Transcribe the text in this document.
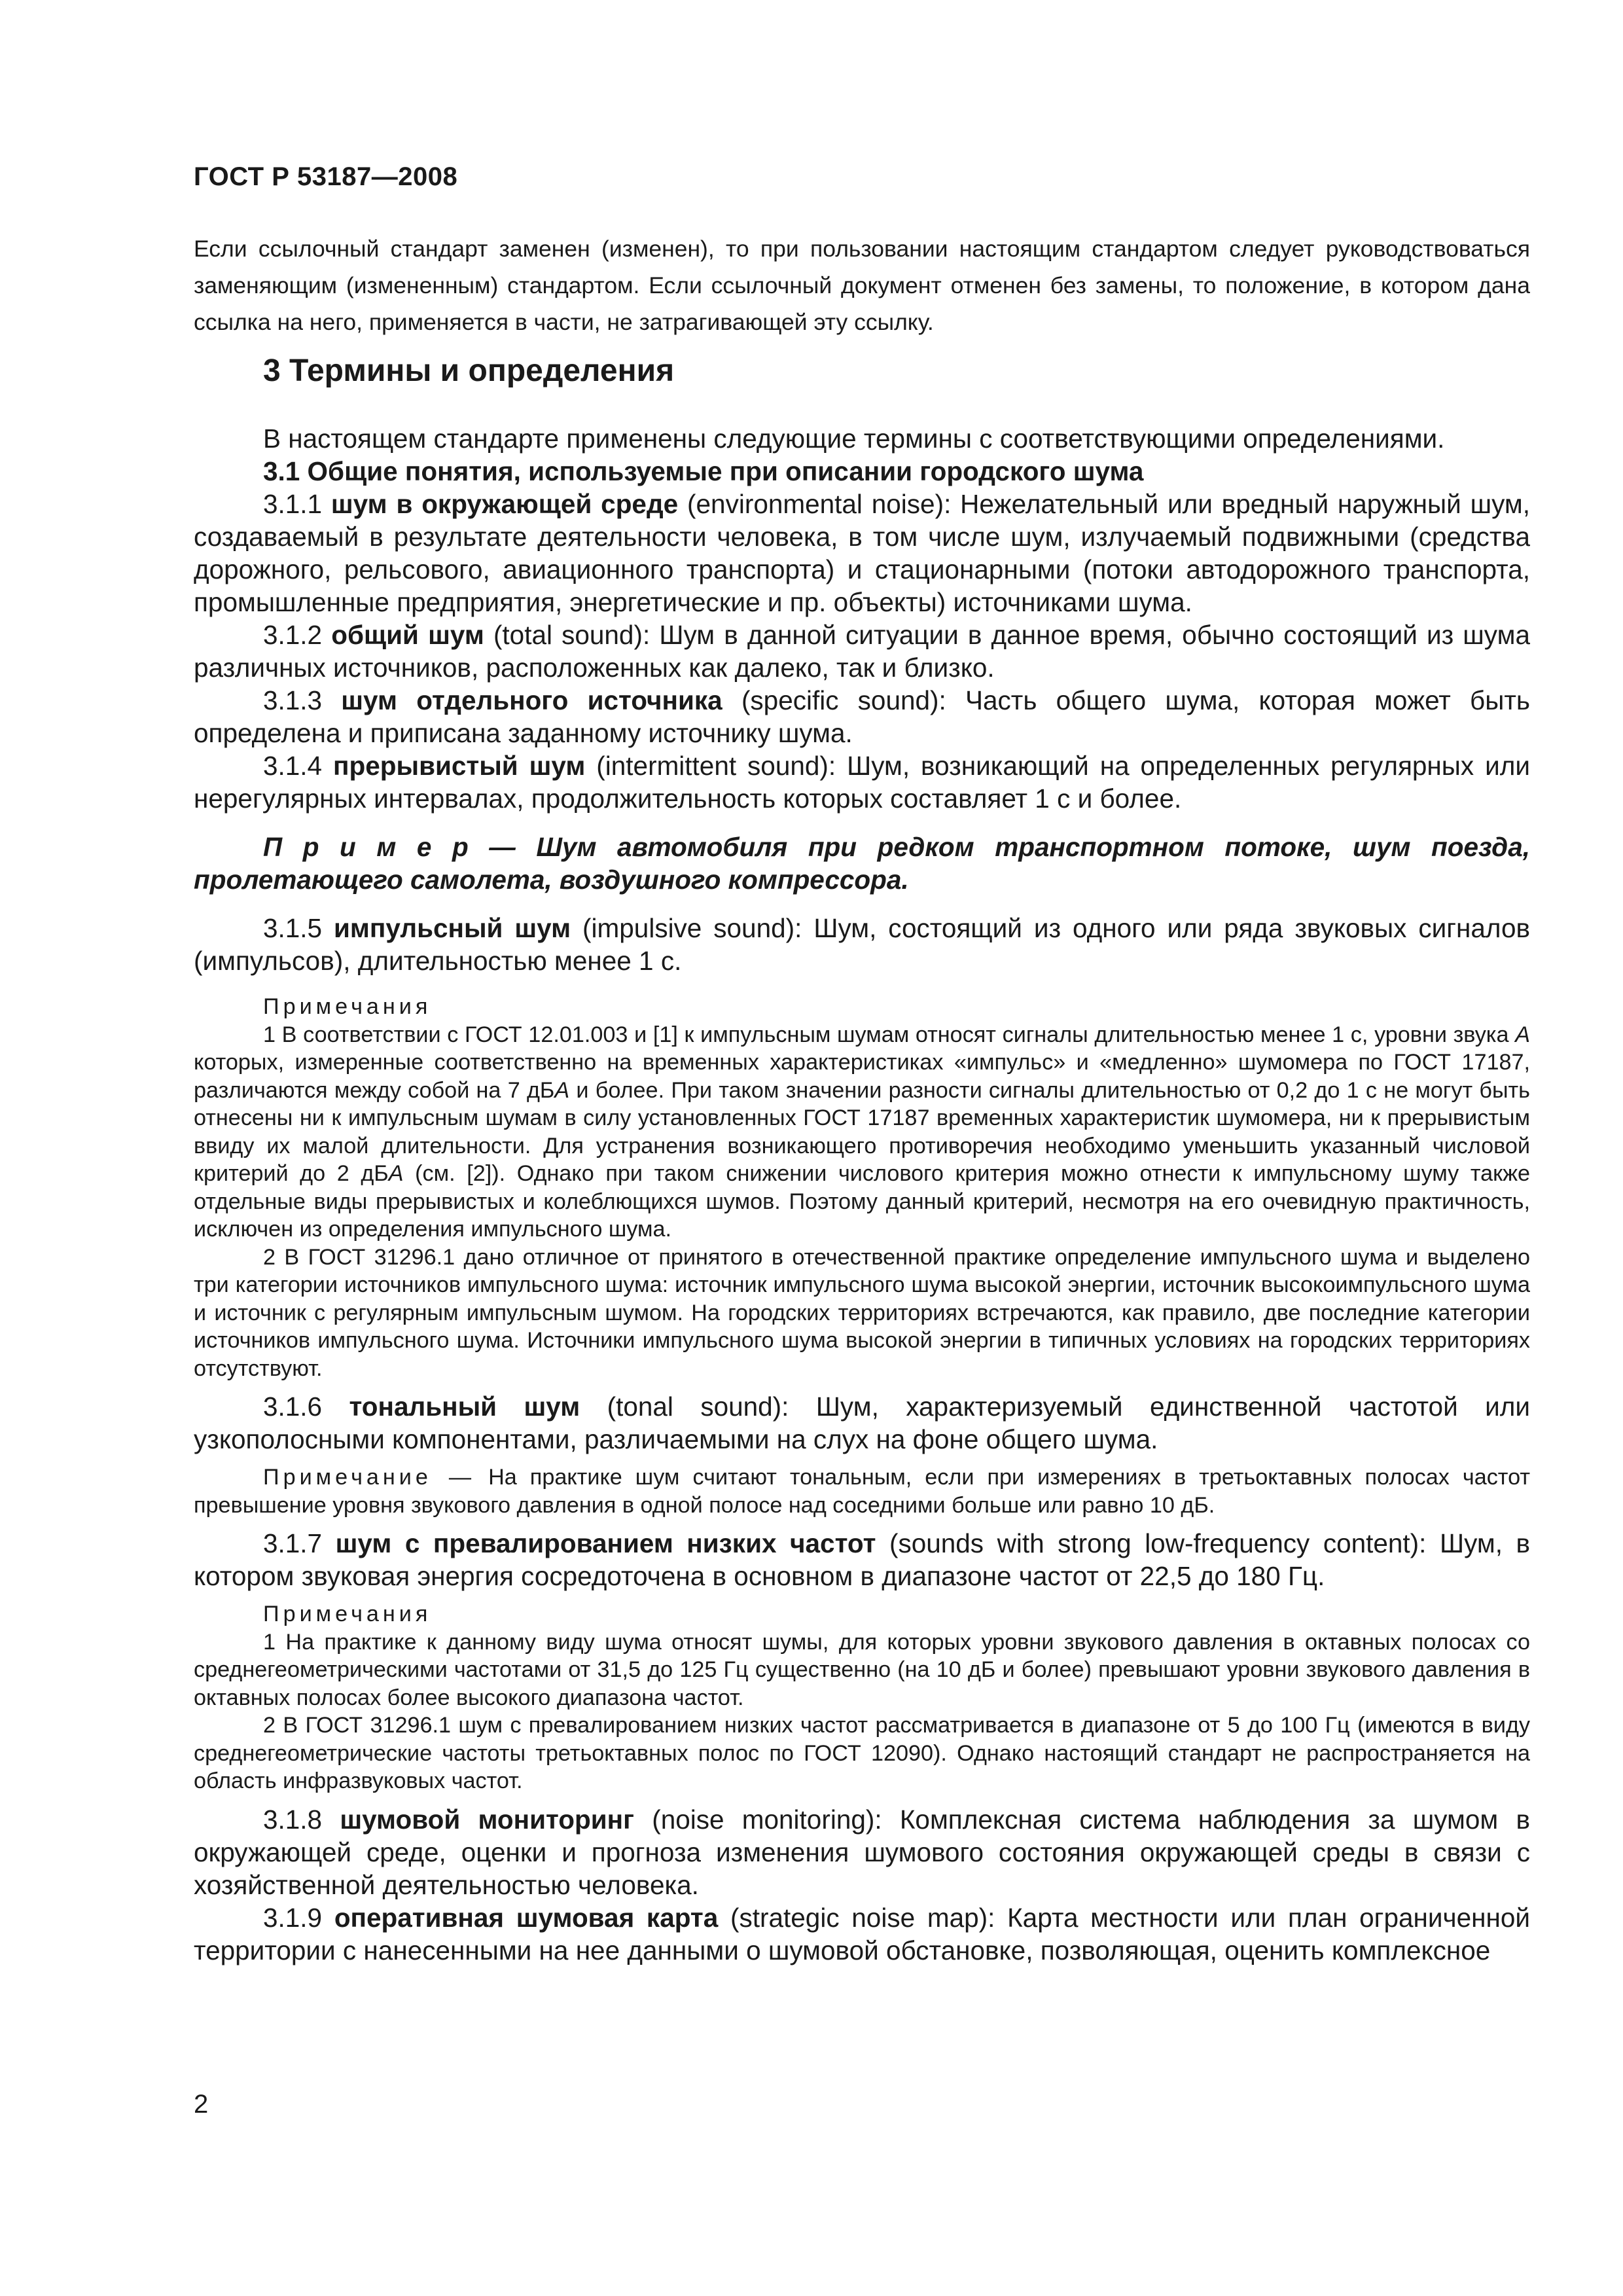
ГОСТ Р 53187—2008

Если ссылочный стандарт заменен (изменен), то при пользовании настоящим стандартом следует руководствоваться заменяющим (измененным) стандартом. Если ссылочный документ отменен без замены, то положение, в котором дана ссылка на него, применяется в части, не затрагивающей эту ссылку.

3 Термины и определения

В настоящем стандарте применены следующие термины с соответствующими определениями.

3.1 Общие понятия, используемые при описании городского шума

3.1.1 шум в окружающей среде (environmental noise): Нежелательный или вредный наружный шум, создаваемый в результате деятельности человека, в том числе шум, излучаемый подвижными (средства дорожного, рельсового, авиационного транспорта) и стационарными (потоки автодорожного транспорта, промышленные предприятия, энергетические и пр. объекты) источниками шума.

3.1.2 общий шум (total sound): Шум в данной ситуации в данное время, обычно состоящий из шума различных источников, расположенных как далеко, так и близко.

3.1.3 шум отдельного источника (specific sound): Часть общего шума, которая может быть определена и приписана заданному источнику шума.

3.1.4 прерывистый шум (intermittent sound): Шум, возникающий на определенных регулярных или нерегулярных интервалах, продолжительность которых составляет 1 с и более.

П р и м е р — Шум автомобиля при редком транспортном потоке, шум поезда, пролетающего самолета, воздушного компрессора.

3.1.5 импульсный шум (impulsive sound): Шум, состоящий из одного или ряда звуковых сигналов (импульсов), длительностью менее 1 с.

Примечания

1 В соответствии с ГОСТ 12.01.003 и [1] к импульсным шумам относят сигналы длительностью менее 1 с, уровни звука А которых, измеренные соответственно на временных характеристиках «импульс» и «медленно» шумомера по ГОСТ 17187, различаются между собой на 7 дБА и более. При таком значении разности сигналы длительностью от 0,2 до 1 с не могут быть отнесены ни к импульсным шумам в силу установленных ГОСТ 17187 временных характеристик шумомера, ни к прерывистым ввиду их малой длительности. Для устранения возникающего противоречия необходимо уменьшить указанный числовой критерий до 2 дБА (см. [2]). Однако при таком снижении числового критерия можно отнести к импульсному шуму также отдельные виды прерывистых и колеблющихся шумов. Поэтому данный критерий, несмотря на его очевидную практичность, исключен из определения импульсного шума.

2 В ГОСТ 31296.1 дано отличное от принятого в отечественной практике определение импульсного шума и выделено три категории источников импульсного шума: источник импульсного шума высокой энергии, источник высокоимпульсного шума и источник с регулярным импульсным шумом. На городских территориях встречаются, как правило, две последние категории источников импульсного шума. Источники импульсного шума высокой энергии в типичных условиях на городских территориях отсутствуют.

3.1.6 тональный шум (tonal sound): Шум, характеризуемый единственной частотой или узкополосными компонентами, различаемыми на слух на фоне общего шума.

Примечание — На практике шум считают тональным, если при измерениях в третьоктавных полосах частот превышение уровня звукового давления в одной полосе над соседними больше или равно 10 дБ.

3.1.7 шум с превалированием низких частот (sounds with strong low-frequency content): Шум, в котором звуковая энергия сосредоточена в основном в диапазоне частот от 22,5 до 180 Гц.

Примечания

1 На практике к данному виду шума относят шумы, для которых уровни звукового давления в октавных полосах со среднегеометрическими частотами от 31,5 до 125 Гц существенно (на 10 дБ и более) превышают уровни звукового давления в октавных полосах более высокого диапазона частот.

2 В ГОСТ 31296.1 шум с превалированием низких частот рассматривается в диапазоне от 5 до 100 Гц (имеются в виду среднегеометрические частоты третьоктавных полос по ГОСТ 12090). Однако настоящий стандарт не распространяется на область инфразвуковых частот.

3.1.8 шумовой мониторинг (noise monitoring): Комплексная система наблюдения за шумом в окружающей среде, оценки и прогноза изменения шумового состояния окружающей среды в связи с хозяйственной деятельностью человека.

3.1.9 оперативная шумовая карта (strategic noise map): Карта местности или план ограниченной территории с нанесенными на нее данными о шумовой обстановке, позволяющая, оценить комплексное

2
